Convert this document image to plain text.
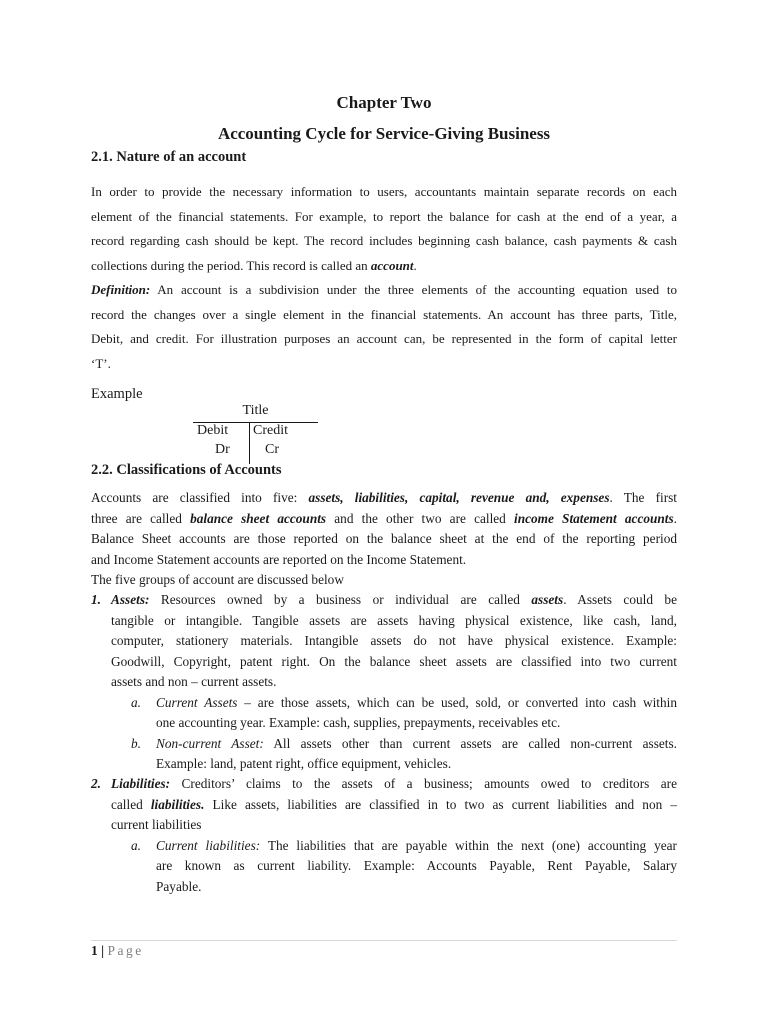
Chapter Two
Accounting Cycle for Service-Giving Business
2.1. Nature of an account
In order to provide the necessary information to users, accountants maintain separate records on each
element of the financial statements. For example, to report the balance for cash at the end of a year, a
record regarding cash should be kept. The record includes beginning cash balance, cash payments & cash
collections during the period. This record is called an account.
Definition: An account is a subdivision under the three elements of the accounting equation used to
record the changes over a single element in the financial statements. An account has three parts, Title,
Debit, and credit. For illustration purposes an account can, be represented in the form of capital letter
‘T’.
Example
Title
Debit Credit
Dr	Cr
2.2. Classifications of Accounts
Accounts are classified into five: assets, liabilities, capital, revenue and, expenses. The first
three are called balance sheet accounts and the other two are called income Statement accounts.
Balance Sheet accounts are those reported on the balance sheet at the end of the reporting period
and Income Statement accounts are reported on the Income Statement.
The five groups of account are discussed below
1. Assets: Resources owned by a business or individual are called assets. Assets could be
tangible or intangible. Tangible assets are assets having physical existence, like cash, land,
computer, stationery materials. Intangible assets do not have physical existence. Example:
Goodwill, Copyright, patent right. On the balance sheet assets are classified into two current
assets and non – current assets.
a. Current Assets – are those assets, which can be used, sold, or converted into cash within
one accounting year. Example: cash, supplies, prepayments, receivables etc.
b. Non-current Asset: All assets other than current assets are called non-current assets.
Example: land, patent right, office equipment, vehicles.
2. Liabilities: Creditors’ claims to the assets of a business; amounts owed to creditors are
called liabilities. Like assets, liabilities are classified in to two as current liabilities and non –
current liabilities
a. Current liabilities: The liabilities that are payable within the next (one) accounting year
are known as current liability. Example: Accounts Payable, Rent Payable, Salary
Payable.
1 | Page
